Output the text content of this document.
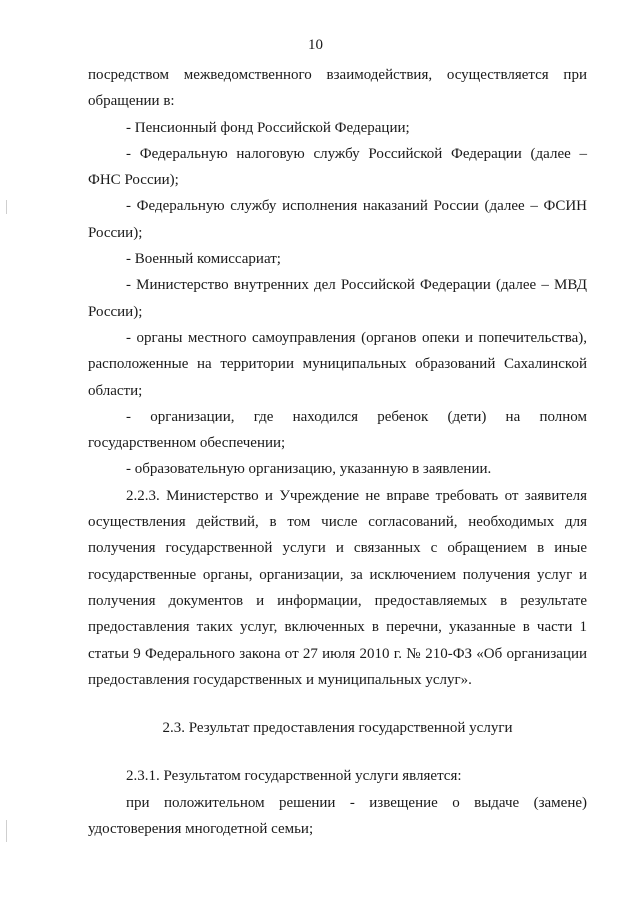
10

посредством межведомственного взаимодействия, осуществляется при обращении в:

- Пенсионный фонд Российской Федерации;

- Федеральную налоговую службу Российской Федерации (далее – ФНС России);

- Федеральную службу исполнения наказаний России (далее – ФСИН России);

- Военный комиссариат;

- Министерство внутренних дел Российской Федерации (далее – МВД России);

- органы местного самоуправления (органов опеки и попечительства), расположенные на территории муниципальных образований Сахалинской области;

- организации, где находился ребенок (дети) на полном государственном обеспечении;

- образовательную организацию, указанную в заявлении.

2.2.3. Министерство и Учреждение не вправе требовать от заявителя осуществления действий, в том числе согласований, необходимых для получения государственной услуги и связанных с обращением в иные государственные органы, организации, за исключением получения услуг и получения документов и информации, предоставляемых в результате предоставления таких услуг, включенных в перечни, указанные в части 1 статьи 9 Федерального закона от 27 июля 2010 г. № 210-ФЗ «Об организации предоставления государственных и муниципальных услуг».

2.3. Результат предоставления государственной услуги

2.3.1. Результатом государственной услуги является:

при положительном решении - извещение о выдаче (замене) удостоверения многодетной семьи;
